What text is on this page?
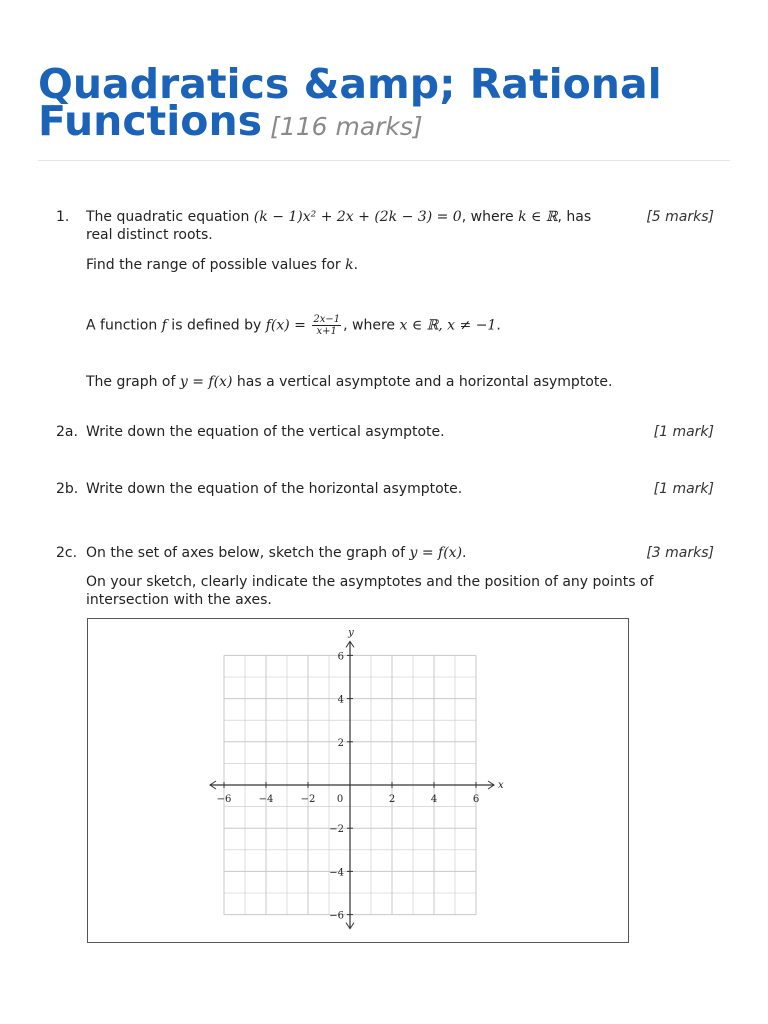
Quadratics &amp; Rational
Functions [116 marks]
1. The quadratic equation (k − 1)x² + 2x + (2k − 3) = 0, where k ∈ ℝ, has
real distinct roots.
[5 marks]
Find the range of possible values for k.
A function f is defined by $f(x) = \frac{2x-1}{x+1}$ , where x ∈ ℝ, x ≠ −1.
The graph of y = f(x) has a vertical asymptote and a horizontal asymptote.
2a. Write down the equation of the vertical asymptote.	[1 mark]
2b. Write down the equation of the horizontal asymptote.	[1 mark]
2c. On the set of axes below, sketch the graph of y = f(x).	[3 marks]
On your sketch, clearly indicate the asymptotes and the position of any points of intersection with the axes.
−6	−4	−2	2	4	6
6
4
2
−2
−4
−6
0
x
y
